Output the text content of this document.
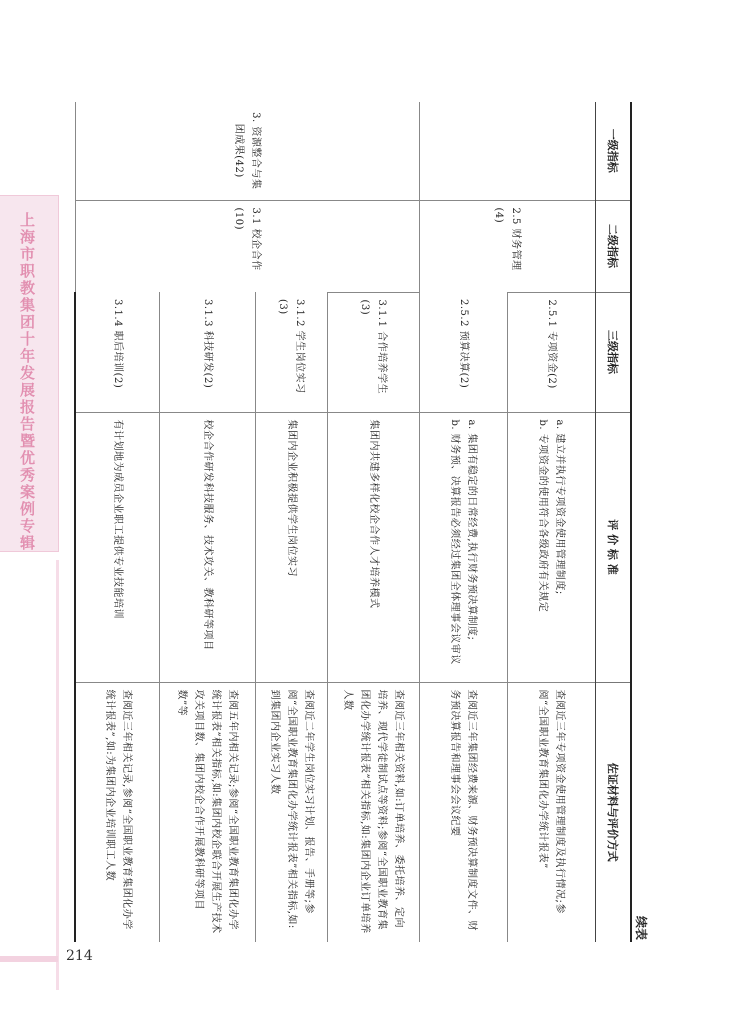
上海市职教集团十年发展报告暨优秀案例专辑
214
续表
一级指标	二级指标	三级指标	评 价 标 准	佐证材料与评价方式
	2.5 财务管理(4)	2.5.1 专项资金(2)	a. 建立并执行专项资金使用管理制度;
b. 专项资金的使用符合各级政府有关规定	查阅近三年专项资金使用管理制度及执行情况;参阅“全国职业教育集团化办学统计报表”
		2.5.2 预算决算(2)	a. 集团有稳定的日常经费,执行财务预决算制度;
b. 财务预、决算报告必须经过集团全体理事会议审议	查阅近三年集团经费来源、财务预决算制度文件、财务预决算报告和理事会会议纪要
3. 资源整合与集团成果(42)	3.1 校企合作(10)	3.1.1 合作培养学生(3)	集团内共建多样化校企合作人才培养模式	查阅近三年相关资料,如:订单培养、委托培养、定向培养、现代学徒制试点等资料;参阅“全国职业教育集团化办学统计报表”相关指标,如:集团内企业订单培养人数
		3.1.2 学生岗位实习(3)	集团内企业积极提供学生岗位实习	查阅近二年学生岗位实习计划、报告、手册等;参阅“全国职业教育集团化办学统计报表”相关指标,如:到集团内企业实习人数
		3.1.3 科技研发(2)	校企合作研发科技服务、技术攻关、教科研等项目	查阅五年内相关记录;参阅“全国职业教育集团化办学统计报表”相关指标,如:集团内校企联合开展生产技术攻关项目数、集团内校企合作开展教科研等项目数”等
		3.1.4 职后培训(2)	有计划地为成员企业职工提供专业技能培训	查阅近三年相关记录,参阅“全国职业教育集团化办学统计报表”,如:为集团内企业培训职工人数
